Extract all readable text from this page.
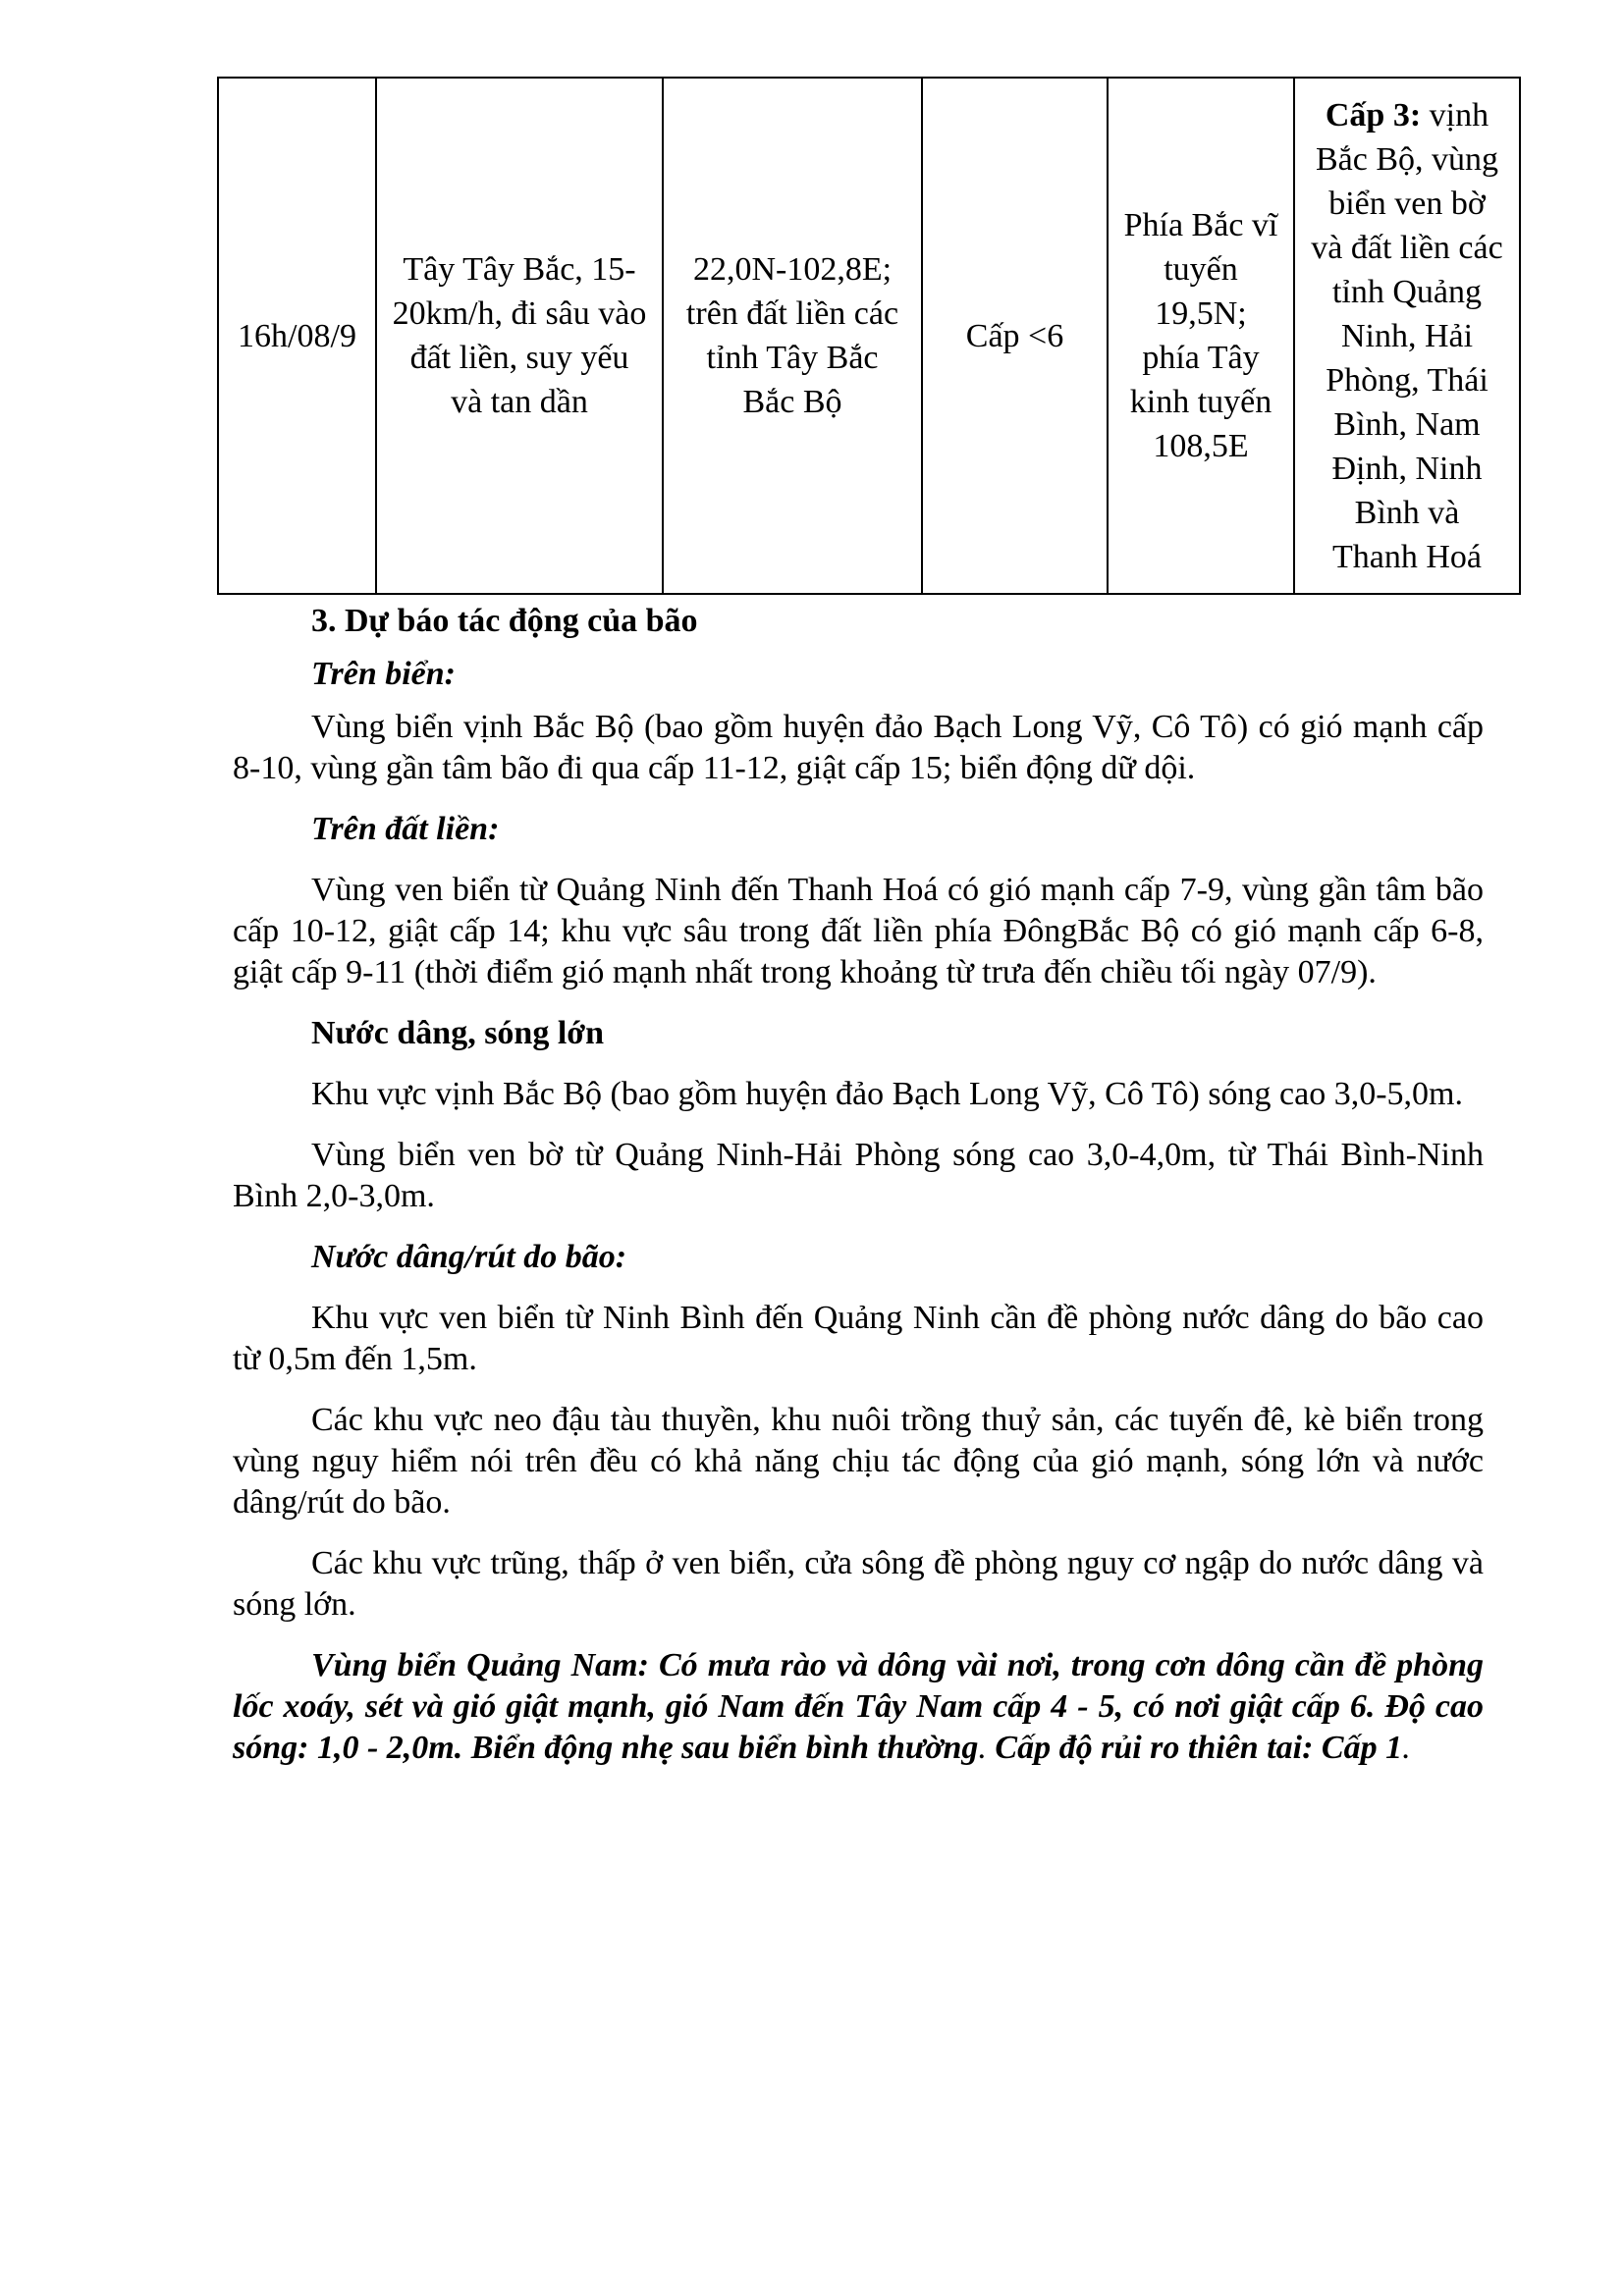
16h/08/9	Tây Tây Bắc, 15-20km/h, đi sâu vào đất liền, suy yếu và tan dần	22,0N-102,8E; trên đất liền các tỉnh Tây Bắc Bắc Bộ	Cấp <6	Phía Bắc vĩ tuyến 19,5N; phía Tây kinh tuyến 108,5E	Cấp 3: vịnh Bắc Bộ, vùng biển ven bờ và đất liền các tỉnh Quảng Ninh, Hải Phòng, Thái Bình, Nam Định, Ninh Bình và Thanh Hoá

3. Dự báo tác động của bão

Trên biển:

Vùng biển vịnh Bắc Bộ (bao gồm huyện đảo Bạch Long Vỹ, Cô Tô) có gió mạnh cấp 8-10, vùng gần tâm bão đi qua cấp 11-12, giật cấp 15; biển động dữ dội.

Trên đất liền:

Vùng ven biển từ Quảng Ninh đến Thanh Hoá có gió mạnh cấp 7-9, vùng gần tâm bão cấp 10-12, giật cấp 14; khu vực sâu trong đất liền phía ĐôngBắc Bộ có gió mạnh cấp 6-8, giật cấp 9-11 (thời điểm gió mạnh nhất trong khoảng từ trưa đến chiều tối ngày 07/9).

Nước dâng, sóng lớn

Khu vực vịnh Bắc Bộ (bao gồm huyện đảo Bạch Long Vỹ, Cô Tô) sóng cao 3,0-5,0m.

Vùng biển ven bờ từ Quảng Ninh-Hải Phòng sóng cao 3,0-4,0m, từ Thái Bình-Ninh Bình 2,0-3,0m.

Nước dâng/rút do bão:

Khu vực ven biển từ Ninh Bình đến Quảng Ninh cần đề phòng nước dâng do bão cao từ 0,5m đến 1,5m.

Các khu vực neo đậu tàu thuyền, khu nuôi trồng thuỷ sản, các tuyến đê, kè biển trong vùng nguy hiểm nói trên đều có khả năng chịu tác động của gió mạnh, sóng lớn và nước dâng/rút do bão.

Các khu vực trũng, thấp ở ven biển, cửa sông đề phòng nguy cơ ngập do nước dâng và sóng lớn.

Vùng biển Quảng Nam: Có mưa rào và dông vài nơi, trong cơn dông cần đề phòng lốc xoáy, sét và gió giật mạnh, gió Nam đến Tây Nam cấp 4 - 5, có nơi giật cấp 6. Độ cao sóng: 1,0 - 2,0m. Biển động nhẹ sau biển bình thường. Cấp độ rủi ro thiên tai: Cấp 1.
